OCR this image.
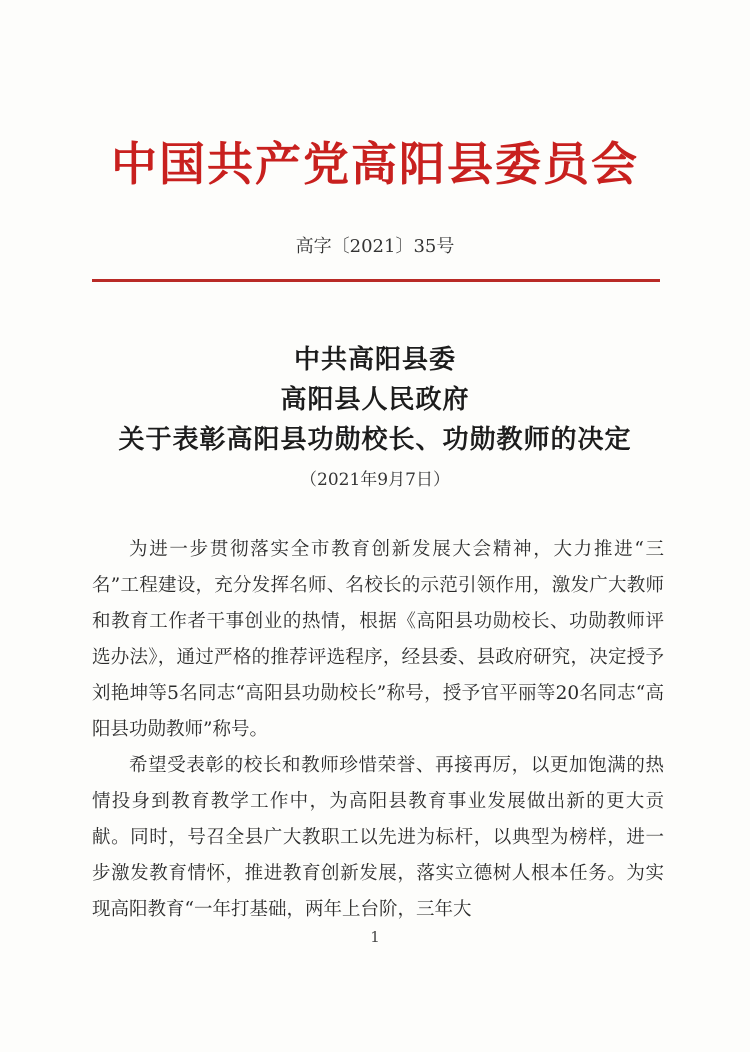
中国共产党高阳县委员会
高字〔2021〕35号
中共高阳县委
高阳县人民政府
关于表彰高阳县功勋校长、功勋教师的决定
（2021年9月7日）

为进一步贯彻落实全市教育创新发展大会精神，大力推进“三名”工程建设，充分发挥名师、名校长的示范引领作用，激发广大教师和教育工作者干事创业的热情，根据《高阳县功勋校长、功勋教师评选办法》，通过严格的推荐评选程序，经县委、县政府研究，决定授予刘艳坤等5名同志“高阳县功勋校长”称号，授予官平丽等20名同志“高阳县功勋教师”称号。

希望受表彰的校长和教师珍惜荣誉、再接再厉，以更加饱满的热情投身到教育教学工作中，为高阳县教育事业发展做出新的更大贡献。同时，号召全县广大教职工以先进为标杆，以典型为榜样，进一步激发教育情怀，推进教育创新发展，落实立德树人根本任务。为实现高阳教育“一年打基础，两年上台阶，三年大

1
